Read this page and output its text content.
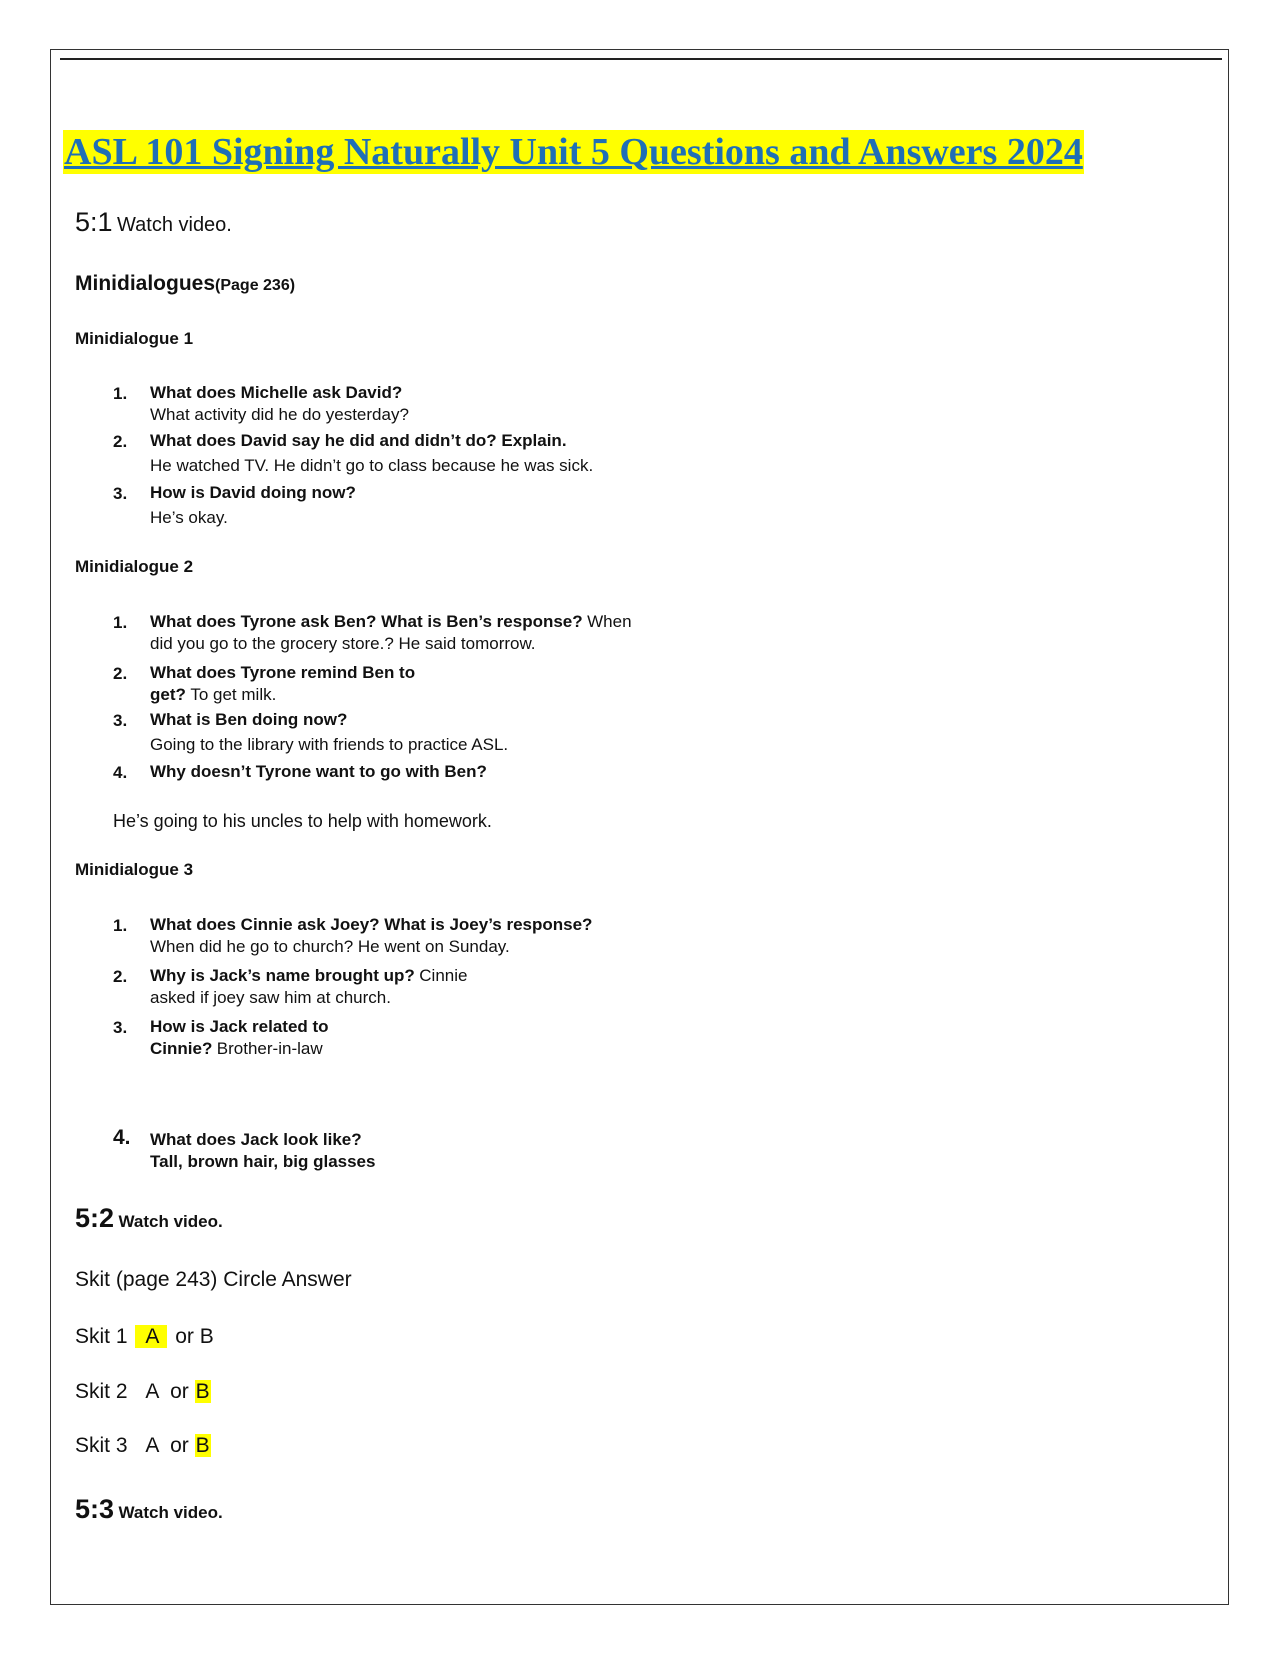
ASL 101 Signing Naturally Unit 5 Questions and Answers 2024
5:1 Watch video.
Minidialogues(Page 236)
Minidialogue 1
1. What does Michelle ask David?
What activity did he do yesterday?
2. What does David say he did and didn’t do? Explain.
He watched TV. He didn’t go to class because he was sick.
3. How is David doing now?
He’s okay.
Minidialogue 2
1. What does Tyrone ask Ben? What is Ben’s response? When
did you go to the grocery store.? He said tomorrow.
2. What does Tyrone remind Ben to
get? To get milk.
3. What is Ben doing now?
Going to the library with friends to practice ASL.
4. Why doesn’t Tyrone want to go with Ben?
He’s going to his uncles to help with homework.
Minidialogue 3
1. What does Cinnie ask Joey? What is Joey’s response?
When did he go to church? He went on Sunday.
2. Why is Jack’s name brought up? Cinnie
asked if joey saw him at church.
3. How is Jack related to
Cinnie? Brother-in-law
4. What does Jack look like?
Tall, brown hair, big glasses
5:2 Watch video.
Skit (page 243) Circle Answer
Skit 1 A or B
Skit 2 A or B
Skit 3 A or B
5:3 Watch video.
